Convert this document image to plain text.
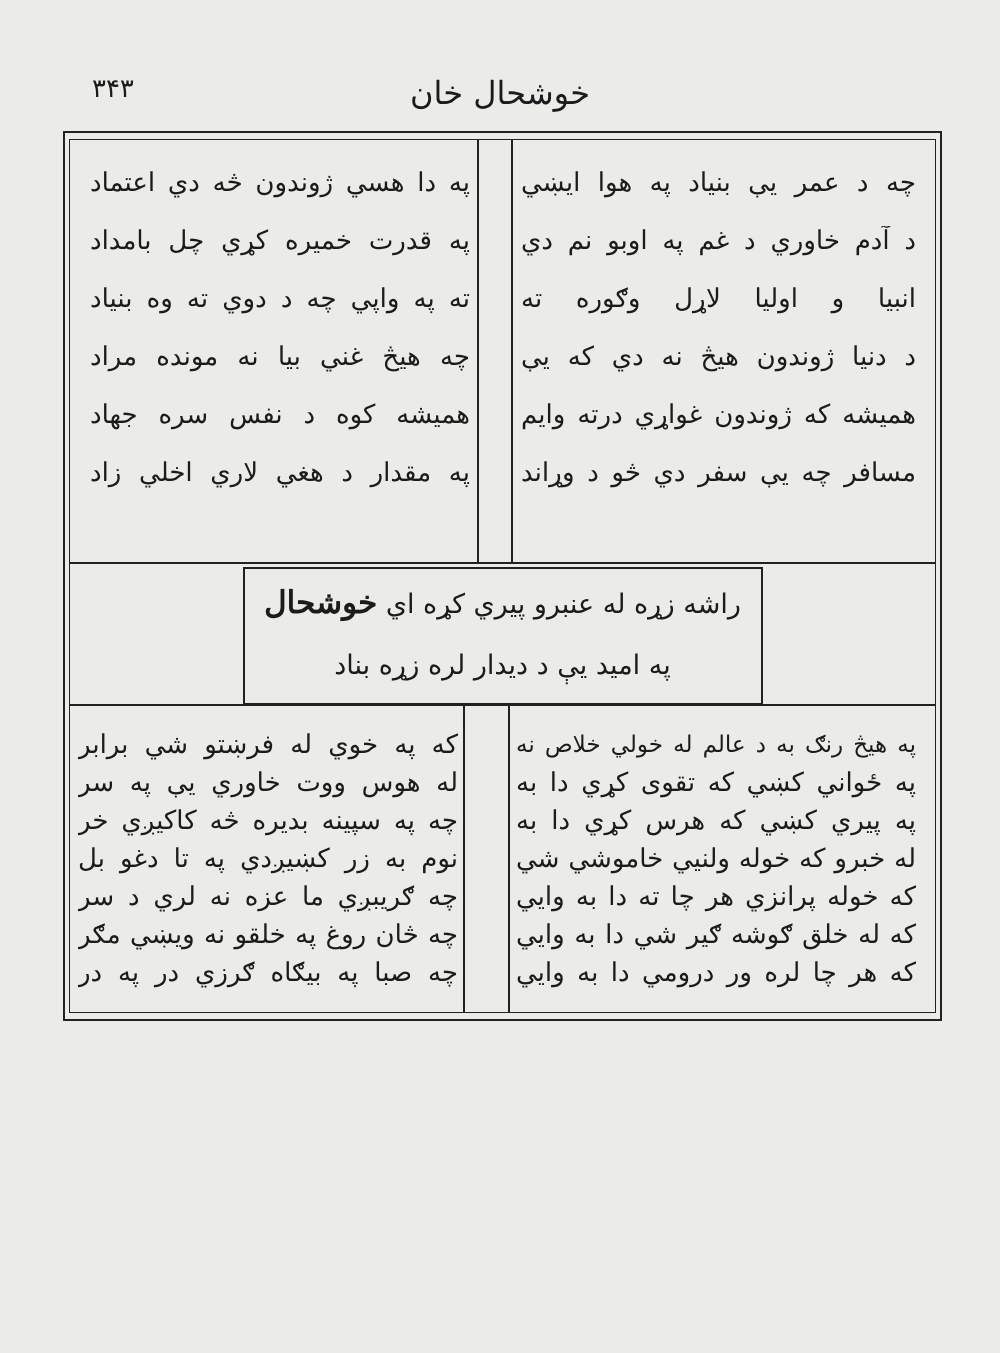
۳۴۳	خوشحال خان
چه د عمر يې بنياد په هوا ايښي
د آدم خاوري د غم په اوبو نم دي
انبيا و اوليا لاړل وګوره ته
د دنيا ژوندون هيڅ نه دي که يې
هميشه که ژوندون غواړي درته وايم
مسافر چه يې سفر دي څو د وړاند
په دا هسي ژوندون څه دي اعتماد
په قدرت خميره کړي چل بامداد
ته په واپي چه د دوي ته وه بنياد
چه هيڅ غني بيا نه مونده مراد
هميشه کوه د نفس سره جهاد
په مقدار د هغي لاري اخلي زاد
راشه زړه له عنبرو پيري کړه اي خوشحال
په اميد يې د ديدار لره زړه بناد
په هيڅ رنګ به د عالم له خولي خلاص نه
په ځواني کښي که تقوی کړي دا به
په پيري کښي که هرس کړي دا به
له خبرو که خوله ولنيي خاموشي شي
که خوله پرانزي هر چا ته دا به وايي
که له خلق ګوشه ګير شي دا به وايي
که هر چا لره ور درومي دا به وايي
که په خوي له فرښتو شي برابر
له هوس ووت خاوري يې په سر
چه په سپينه بديره څه کاکيږي خر
نوم به زر کښيږدي په تا دغو بل
چه ګريبږي ما عزه نه لري د سر
چه څان روغ په خلقو نه ويښي مګر
چه صبا په بيګاه ګرزي در په در
